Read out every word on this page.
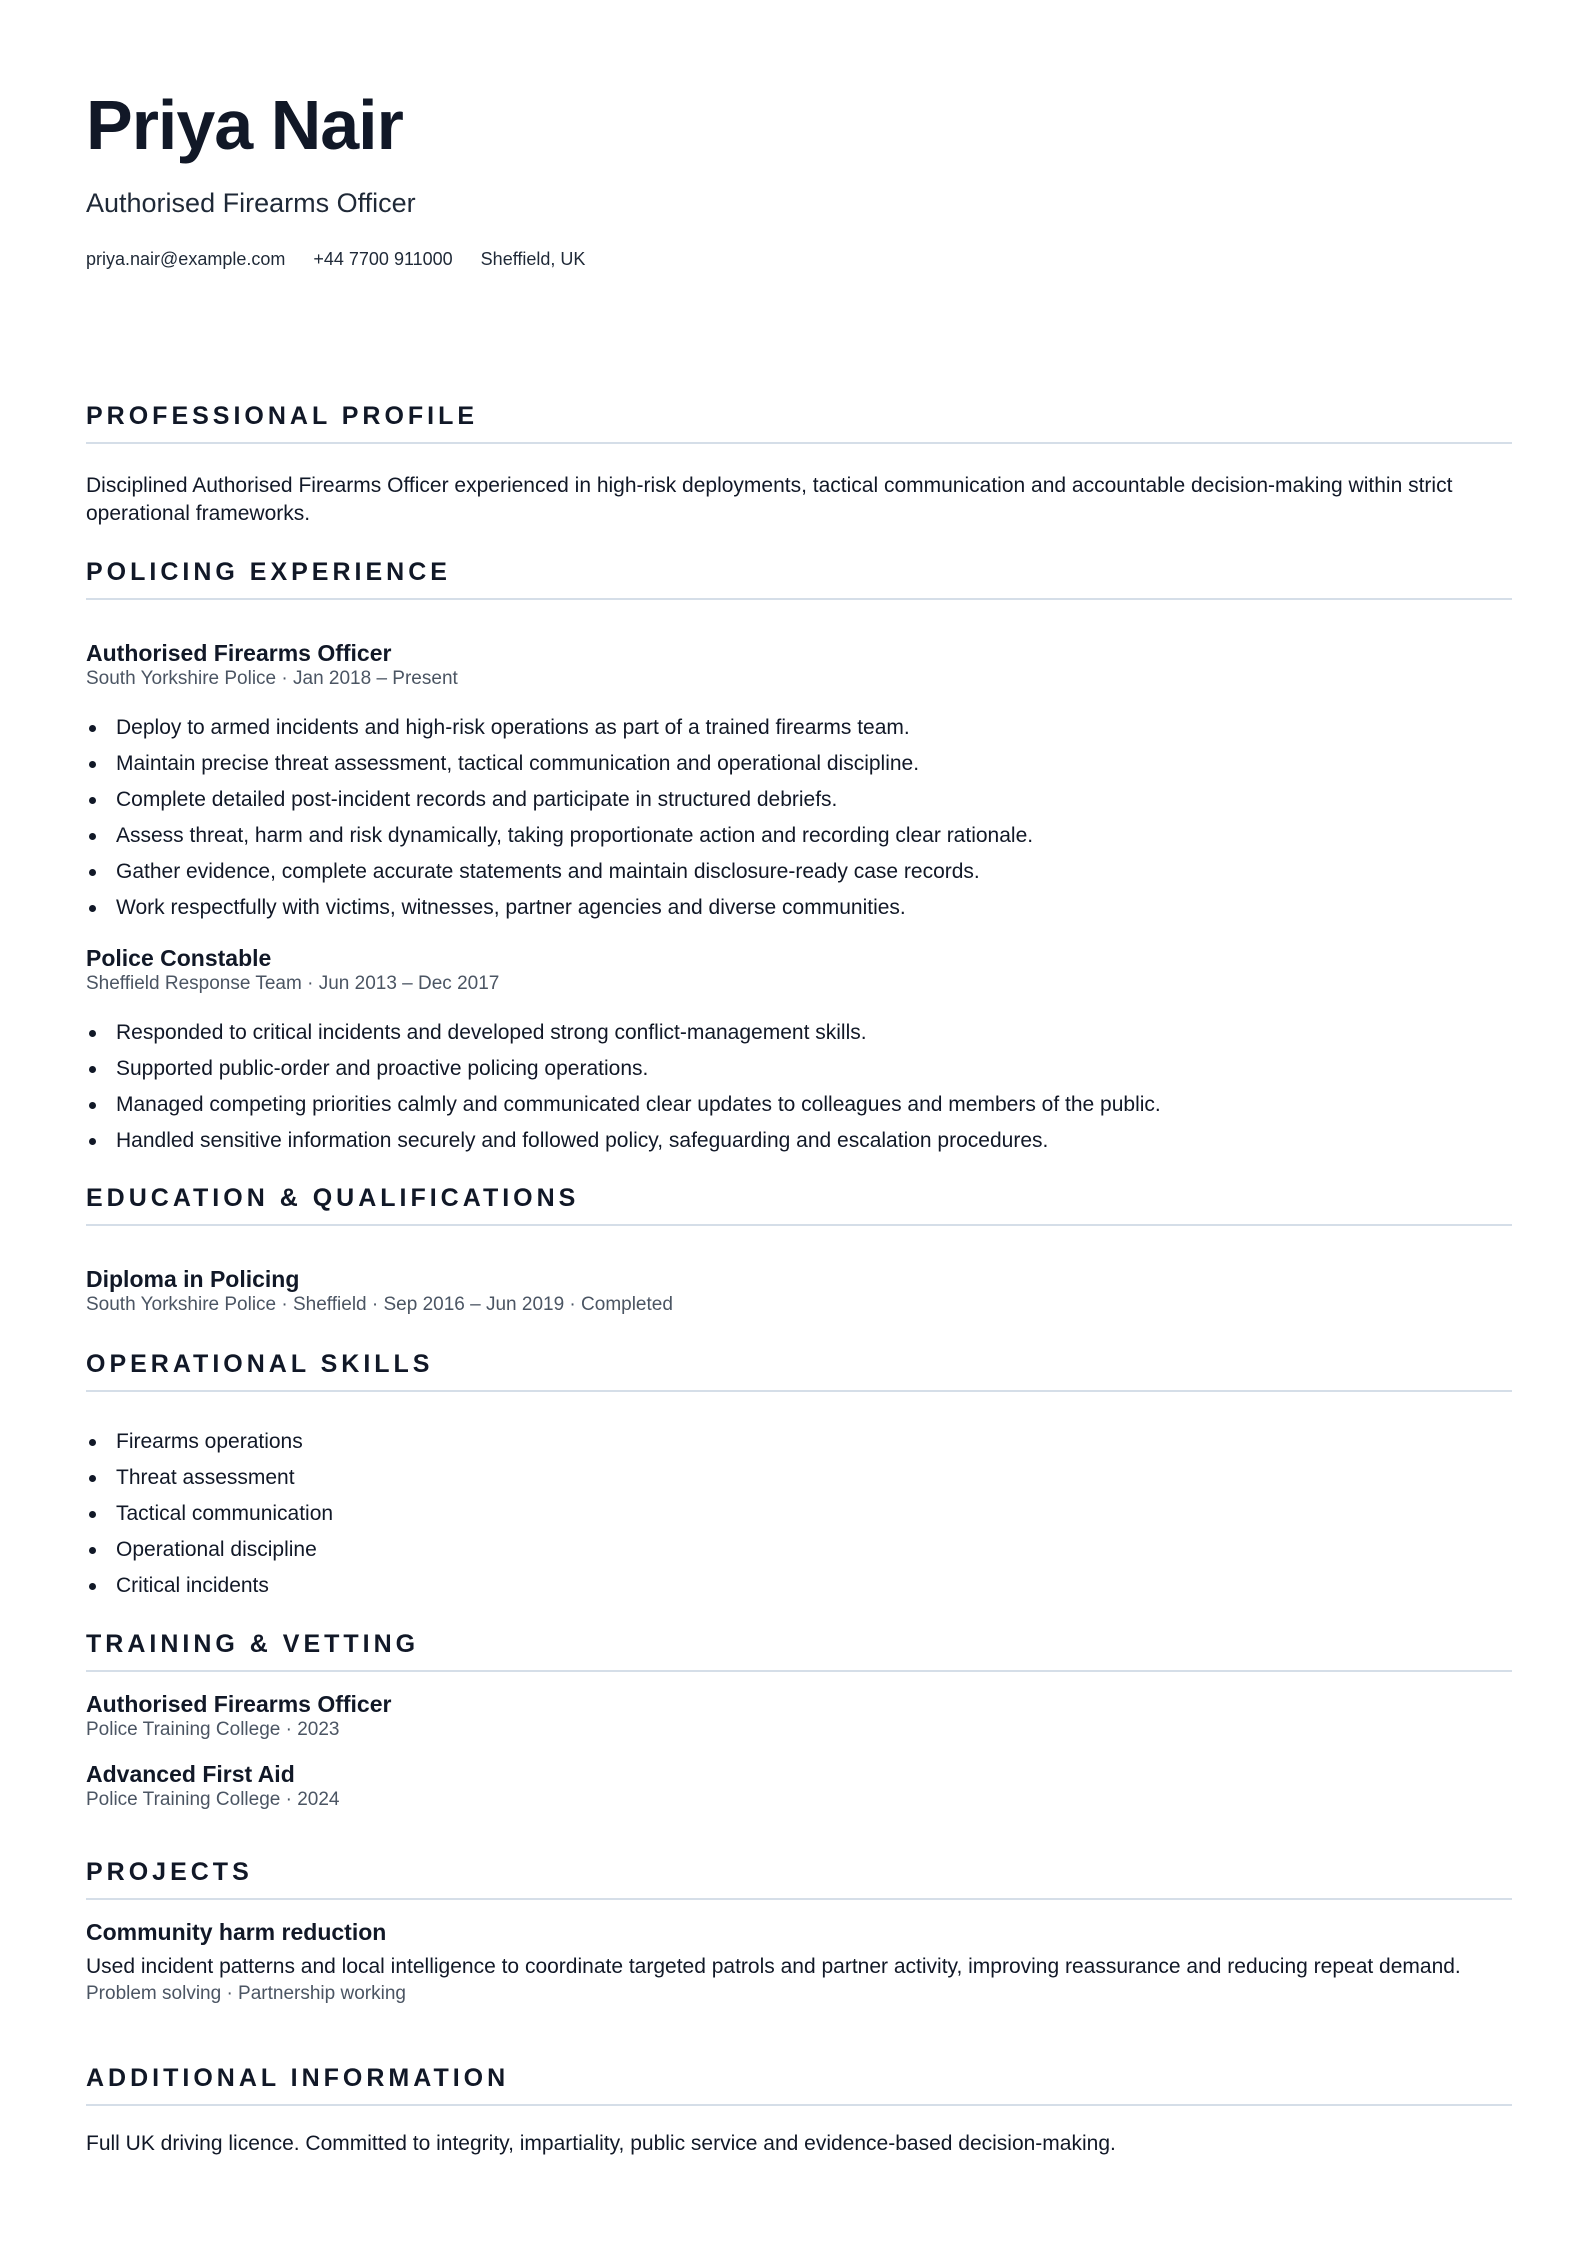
Priya Nair
Authorised Firearms Officer
priya.nair@example.com +44 7700 911000 Sheffield, UK
PROFESSIONAL PROFILE
Disciplined Authorised Firearms Officer experienced in high-risk deployments, tactical communication and accountable decision-making within strict operational frameworks.
POLICING EXPERIENCE
Authorised Firearms Officer
South Yorkshire Police · Jan 2018 – Present
Deploy to armed incidents and high-risk operations as part of a trained firearms team.
Maintain precise threat assessment, tactical communication and operational discipline.
Complete detailed post-incident records and participate in structured debriefs.
Assess threat, harm and risk dynamically, taking proportionate action and recording clear rationale.
Gather evidence, complete accurate statements and maintain disclosure-ready case records.
Work respectfully with victims, witnesses, partner agencies and diverse communities.
Police Constable
Sheffield Response Team · Jun 2013 – Dec 2017
Responded to critical incidents and developed strong conflict-management skills.
Supported public-order and proactive policing operations.
Managed competing priorities calmly and communicated clear updates to colleagues and members of the public.
Handled sensitive information securely and followed policy, safeguarding and escalation procedures.
EDUCATION & QUALIFICATIONS
Diploma in Policing
South Yorkshire Police · Sheffield · Sep 2016 – Jun 2019 · Completed
OPERATIONAL SKILLS
Firearms operations
Threat assessment
Tactical communication
Operational discipline
Critical incidents
TRAINING & VETTING
Authorised Firearms Officer
Police Training College · 2023
Advanced First Aid
Police Training College · 2024
PROJECTS
Community harm reduction
Used incident patterns and local intelligence to coordinate targeted patrols and partner activity, improving reassurance and reducing repeat demand.
Problem solving · Partnership working
ADDITIONAL INFORMATION
Full UK driving licence. Committed to integrity, impartiality, public service and evidence-based decision-making.
